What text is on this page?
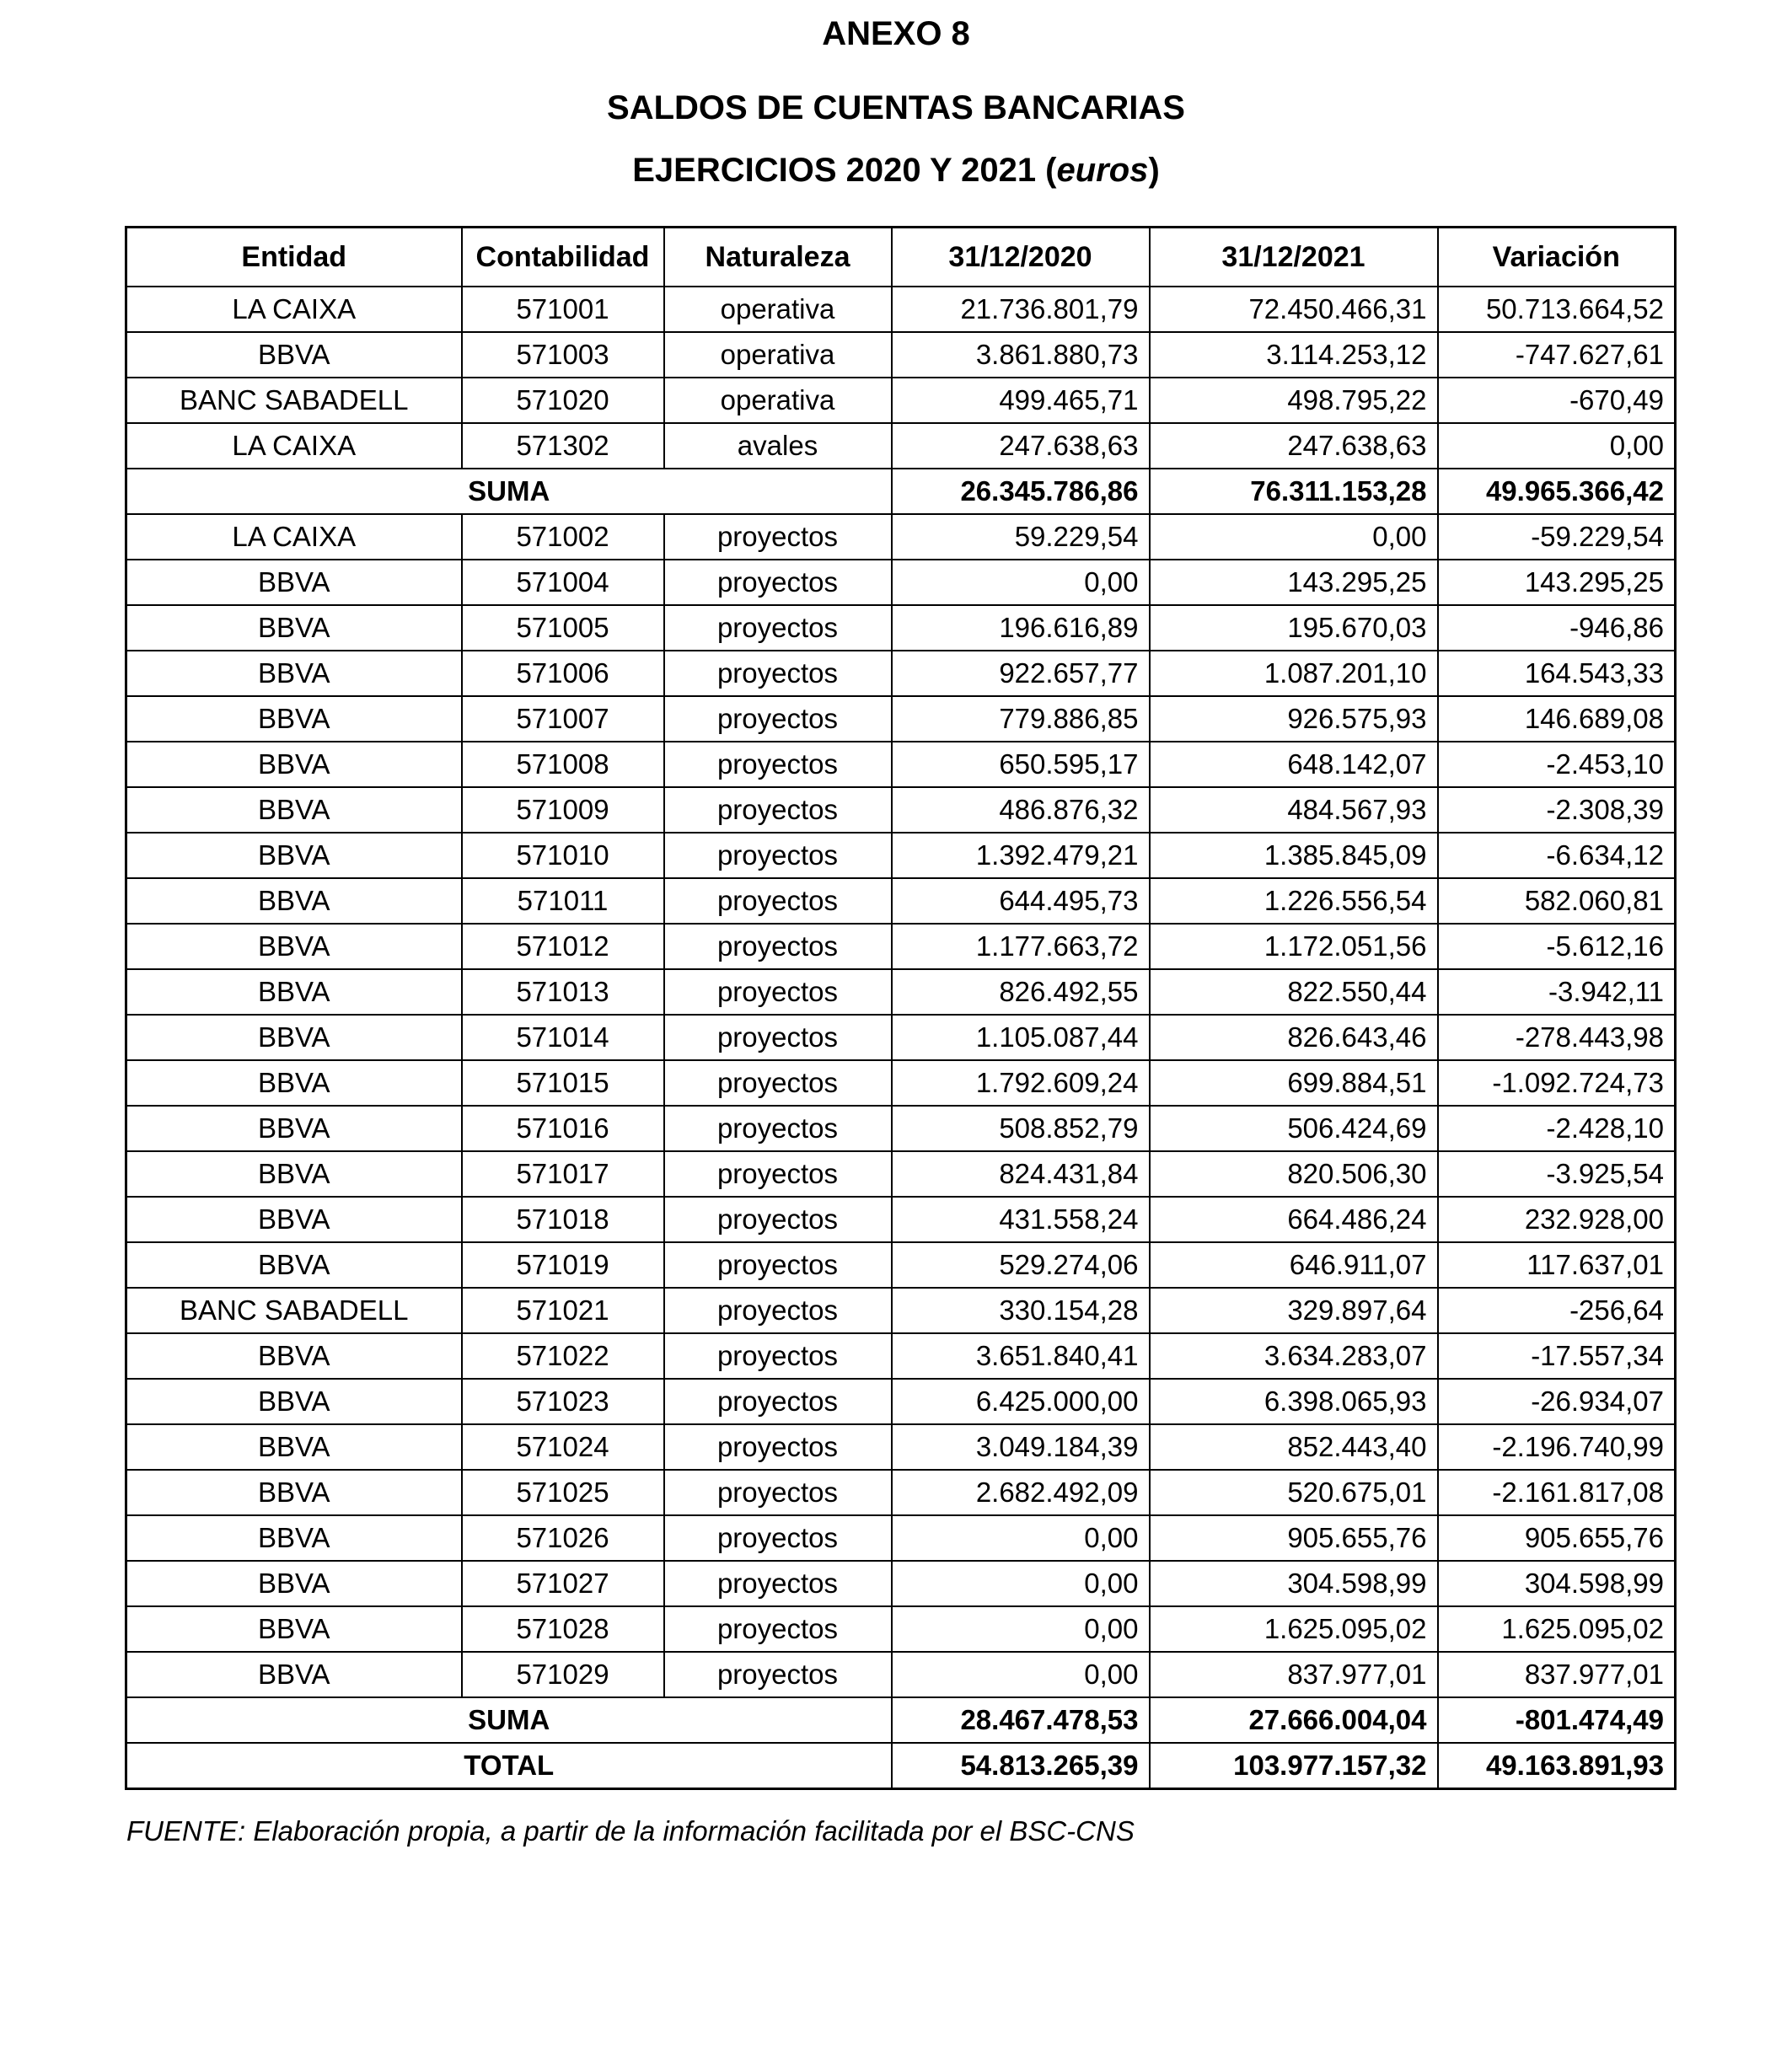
ANEXO 8
SALDOS DE CUENTAS BANCARIAS
EJERCICIOS 2020 Y 2021 (euros)
Entidad	Contabilidad	Naturaleza	31/12/2020	31/12/2021	Variación
LA CAIXA	571001	operativa	21.736.801,79	72.450.466,31	50.713.664,52
BBVA	571003	operativa	3.861.880,73	3.114.253,12	-747.627,61
BANC SABADELL	571020	operativa	499.465,71	498.795,22	-670,49
LA CAIXA	571302	avales	247.638,63	247.638,63	0,00
SUMA			26.345.786,86	76.311.153,28	49.965.366,42
LA CAIXA	571002	proyectos	59.229,54	0,00	-59.229,54
BBVA	571004	proyectos	0,00	143.295,25	143.295,25
BBVA	571005	proyectos	196.616,89	195.670,03	-946,86
BBVA	571006	proyectos	922.657,77	1.087.201,10	164.543,33
BBVA	571007	proyectos	779.886,85	926.575,93	146.689,08
BBVA	571008	proyectos	650.595,17	648.142,07	-2.453,10
BBVA	571009	proyectos	486.876,32	484.567,93	-2.308,39
BBVA	571010	proyectos	1.392.479,21	1.385.845,09	-6.634,12
BBVA	571011	proyectos	644.495,73	1.226.556,54	582.060,81
BBVA	571012	proyectos	1.177.663,72	1.172.051,56	-5.612,16
BBVA	571013	proyectos	826.492,55	822.550,44	-3.942,11
BBVA	571014	proyectos	1.105.087,44	826.643,46	-278.443,98
BBVA	571015	proyectos	1.792.609,24	699.884,51	-1.092.724,73
BBVA	571016	proyectos	508.852,79	506.424,69	-2.428,10
BBVA	571017	proyectos	824.431,84	820.506,30	-3.925,54
BBVA	571018	proyectos	431.558,24	664.486,24	232.928,00
BBVA	571019	proyectos	529.274,06	646.911,07	117.637,01
BANC SABADELL	571021	proyectos	330.154,28	329.897,64	-256,64
BBVA	571022	proyectos	3.651.840,41	3.634.283,07	-17.557,34
BBVA	571023	proyectos	6.425.000,00	6.398.065,93	-26.934,07
BBVA	571024	proyectos	3.049.184,39	852.443,40	-2.196.740,99
BBVA	571025	proyectos	2.682.492,09	520.675,01	-2.161.817,08
BBVA	571026	proyectos	0,00	905.655,76	905.655,76
BBVA	571027	proyectos	0,00	304.598,99	304.598,99
BBVA	571028	proyectos	0,00	1.625.095,02	1.625.095,02
BBVA	571029	proyectos	0,00	837.977,01	837.977,01
SUMA			28.467.478,53	27.666.004,04	-801.474,49
TOTAL			54.813.265,39	103.977.157,32	49.163.891,93

FUENTE: Elaboración propia, a partir de la información facilitada por el BSC-CNS
